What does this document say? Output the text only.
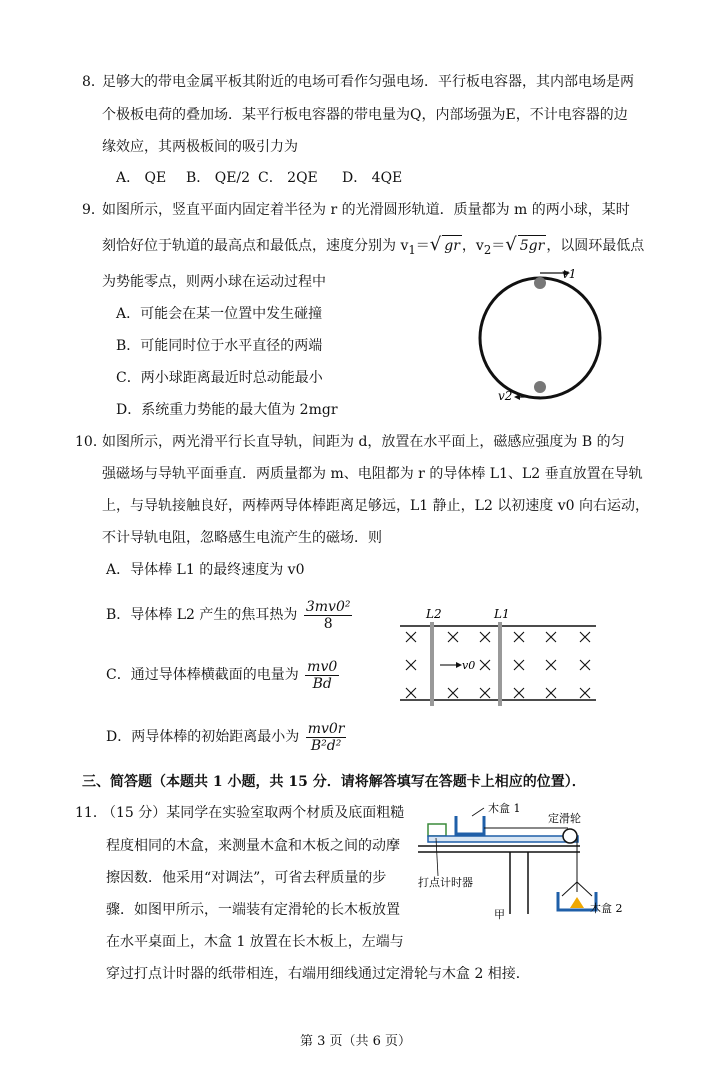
8．
足够大的带电金属平板其附近的电场可看作匀强电场．平行板电容器，其内部电场是两
个极板电荷的叠加场．某平行板电容器的带电量为Q，内部场强为E，不计电容器的边
缘效应，其两极板间的吸引力为
A． QE B． QE/2 C． 2QE D． 4QE
9．
如图所示，竖直平面内固定着半径为 r 的光滑圆形轨道．质量都为 m 的两小球，某时
刻恰好位于轨道的最高点和最低点，速度分别为 $v_1=√$ gr ，$v_2=√$ 5gr ，以圆环最低点
为势能零点，则两小球在运动过程中
A．可能会在某一位置中发生碰撞
B．可能同时位于水平直径的两端
C．两小球距离最近时总动能最小
D．系统重力势能的最大值为 2mgr
v1
v2
10．
如图所示，两光滑平行长直导轨，间距为 d，放置在水平面上，磁感应强度为 B 的匀
强磁场与导轨平面垂直．两质量都为 m、电阻都为 r 的导体棒 L1、L2 垂直放置在导轨
上，与导轨接触良好，两棒两导体棒距离足够远，L1 静止，L2 以初速度 v0 向右运动，
不计导轨电阻，忽略感生电流产生的磁场．则
A．导体棒 L1 的最终速度为 v0
B．导体棒 L2 产生的焦耳热为 $\frac{\text{3mv0²}}{8}$
C．通过导体棒横截面的电量为 $\frac{mv0}{Bd}$
D．两导体棒的初始距离最小为 $\frac{mv0r}{\text{B²d²}}$
L2	L1
v0
三、简答题（本题共 1 小题，共 15 分．请将解答填写在答题卡上相应的位置）．
11．
（15 分）某同学在实验室取两个材质及底面粗糙
程度相同的木盒，来测量木盒和木板之间的动摩
擦因数．他采用“对调法”，可省去秤质量的步
骤．如图甲所示，一端装有定滑轮的长木板放置
在水平桌面上，木盒 1 放置在长木板上，左端与
穿过打点计时器的纸带相连，右端用细线通过定滑轮与木盒 2 相接．
木盒 1
定滑轮
打点计时器
甲	木盒 2
第 3 页（共 6 页）
